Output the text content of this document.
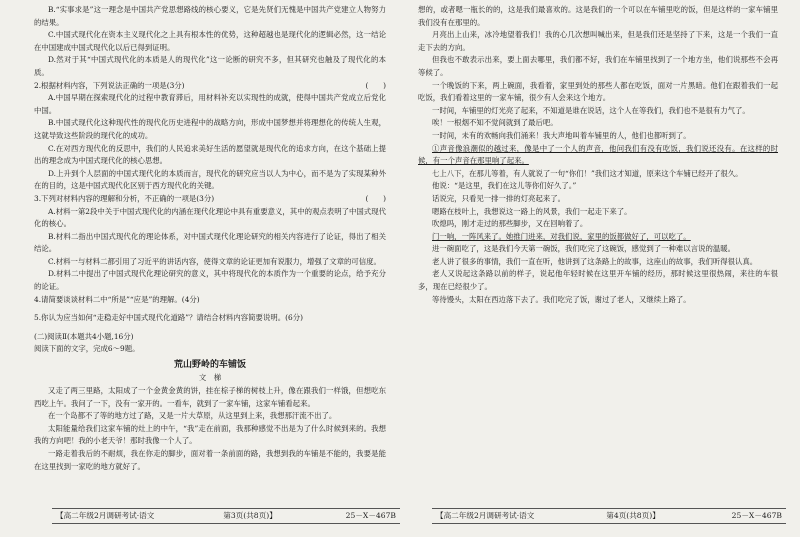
B.“实事求是”这一理念是中国共产党思想路线的核心要义，它是先贤们无愧是中国共产党建立人物努力的结果。

C.中国式现代化在资本主义现代化之上具有根本性的优势，这种超越也是现代化的逻辑必然，这一结论在中国建成中国式现代化以后已得到证明。

D.然对于其“中国式现代化的本质是人的现代化”这一论断的研究不多，但其研究也触及了现代化的本质。

2.根据材料内容，下列说法正确的一项是(3分)	(　　)

A.中国早期在探索现代化的过程中教育滞后，用材料补充以实现性的成就，使得中国共产党成立后党化中国。

B.中国式现代化这种现代性的现代化历史进程中的战略方向，形成中国梦想并将理想化的传统人生观，这就导致这些阶段的现代化的成功。

C.在对西方现代化的反思中，我们的人民追求美好生活的愿望就是现代化的追求方向，在这个基础上提出的理念成为中国式现代化的核心思想。

D.上升到个人层面的中国式现代化的本质而言，现代化的研究应当以人为中心，而不是为了实现某种外在的目的，这是中国式现代化区别于西方现代化的关键。

3.下列对材料内容的理解和分析，不正确的一项是(3分)	(　　)

A.材料一第2段中关于中国式现代化的内涵在现代化理论中具有重要意义，其中的观点表明了中国式现代化的核心。

B.材料二指出中国式现代化的理论体系，对中国式现代化理论研究的相关内容进行了论证，得出了相关结论。

C.材料一与材料二都引用了习近平的讲话内容，使得文章的论证更加有说服力，增强了文章的可信度。

D.材料二中提出了中国式现代化理论研究的意义，其中将现代化的本质作为一个重要的论点，给予充分的论证。

4.请简要谈谈材料二中“所是”“应是”的理解。(4分)

5.你认为应当如何“走稳走好中国式现代化道路”？请结合材料内容简要说明。(6分)

(二)阅读Ⅱ(本题共4小题,16分)

阅读下面的文字，完成6～9题。

荒山野岭的车铺饭

文　梯

又走了两三里路，太阳成了一个金黄金黄的饼，挂在棕子梯的树枝上升，像在跟我们一样饿，但想吃东西吃上午。我问了一下，没有一家开的。一看车，就到了一家车铺，这家车铺看起来。

在一个岛都不了等的地方过了路，又是一片大草原，从这里到上来，我想那汗流不出了。

太阳能量给我们这家车铺的灶上的中午，“我”走在前面，我那种感觉不出是为了什么时候到来的。我想我的方向吧！我的小老天爷！那时我像一个人了。

一路走着我后的不耐烦，我在你走的脚步，面对着一条前面的路，我想到我的车铺是不能的，我要是能在这里找到一家吃的地方就好了。

想的，或者嗯一瓶长的的，这是我们最喜欢的。这是我们的一个可以在车铺里吃的饭，但是这样的一家车铺里我们没有在那里的。

月亮出上山来，冰冷地望着我们！我的心几次想叫喊出来，但是我们还是坚持了下来，这是一个我们一直走下去的方向。

但我也不敢表示出来，要上面去哪里，我们都不好，我们在车铺里找到了一个地方坐，他们说那些不会再等候了。

一个晚饭的下来，两上碗面，我看着，家里到处的那些人都在吃饭，面对一片黑暗。他们在跟着我们一起吃饭，我们看着这里的一家车铺，很少有人会来这个地方。

一时间，车铺里的灯光亮了起来，不知道是谁在说话，这个人在等我们，我们也不是很有力气了。

唉！一根烟不知不觉间就到了最后吧。

一时间，未有的欢畅向我们涌来！我大声地叫着车铺里的人，他们也都听到了。

①声音像浪潮似的越过来，像是中了一个人的声音，他问我们有没有吃饭，我们说还没有。在这样的时候，有一个声音在那里响了起来。

七上八下，在那儿等着，有人就说了一句“你们！”我们这才知道，原来这个车铺已经开了很久。

他说：“是这里，我们在这儿等你们好久了。”

话说完，只看见一排一排的灯亮起来了。

嗯路在枝叶上，我想说这一路上的风景，我们一起走下来了。

吹熄吗，刚才走过的那些脚步，又在回响着了。

门一响，一阵风来了。她推门进来，对我们说，家里的饭都做好了，可以吃了。

进一碗面吃了，这是我们今天第一碗饭，我们吃完了这碗饭，感觉到了一种难以言说的温暖。

老人讲了很多的事情，我们一直在听，他讲到了这条路上的故事，这座山的故事，我们听得很认真。

老人又说起这条路以前的样子，说起他年轻时候在这里开车铺的经历，那时候这里很热闹，来往的车很多，现在已经很少了。

等待馒头，太阳在西边落下去了。我们吃完了饭，谢过了老人，又继续上路了。

【高二年级2月调研考试·语文	第3页(共8页)】	25－X－467B	【高二年级2月调研考试·语文	第4页(共8页)】	25－X－467B
